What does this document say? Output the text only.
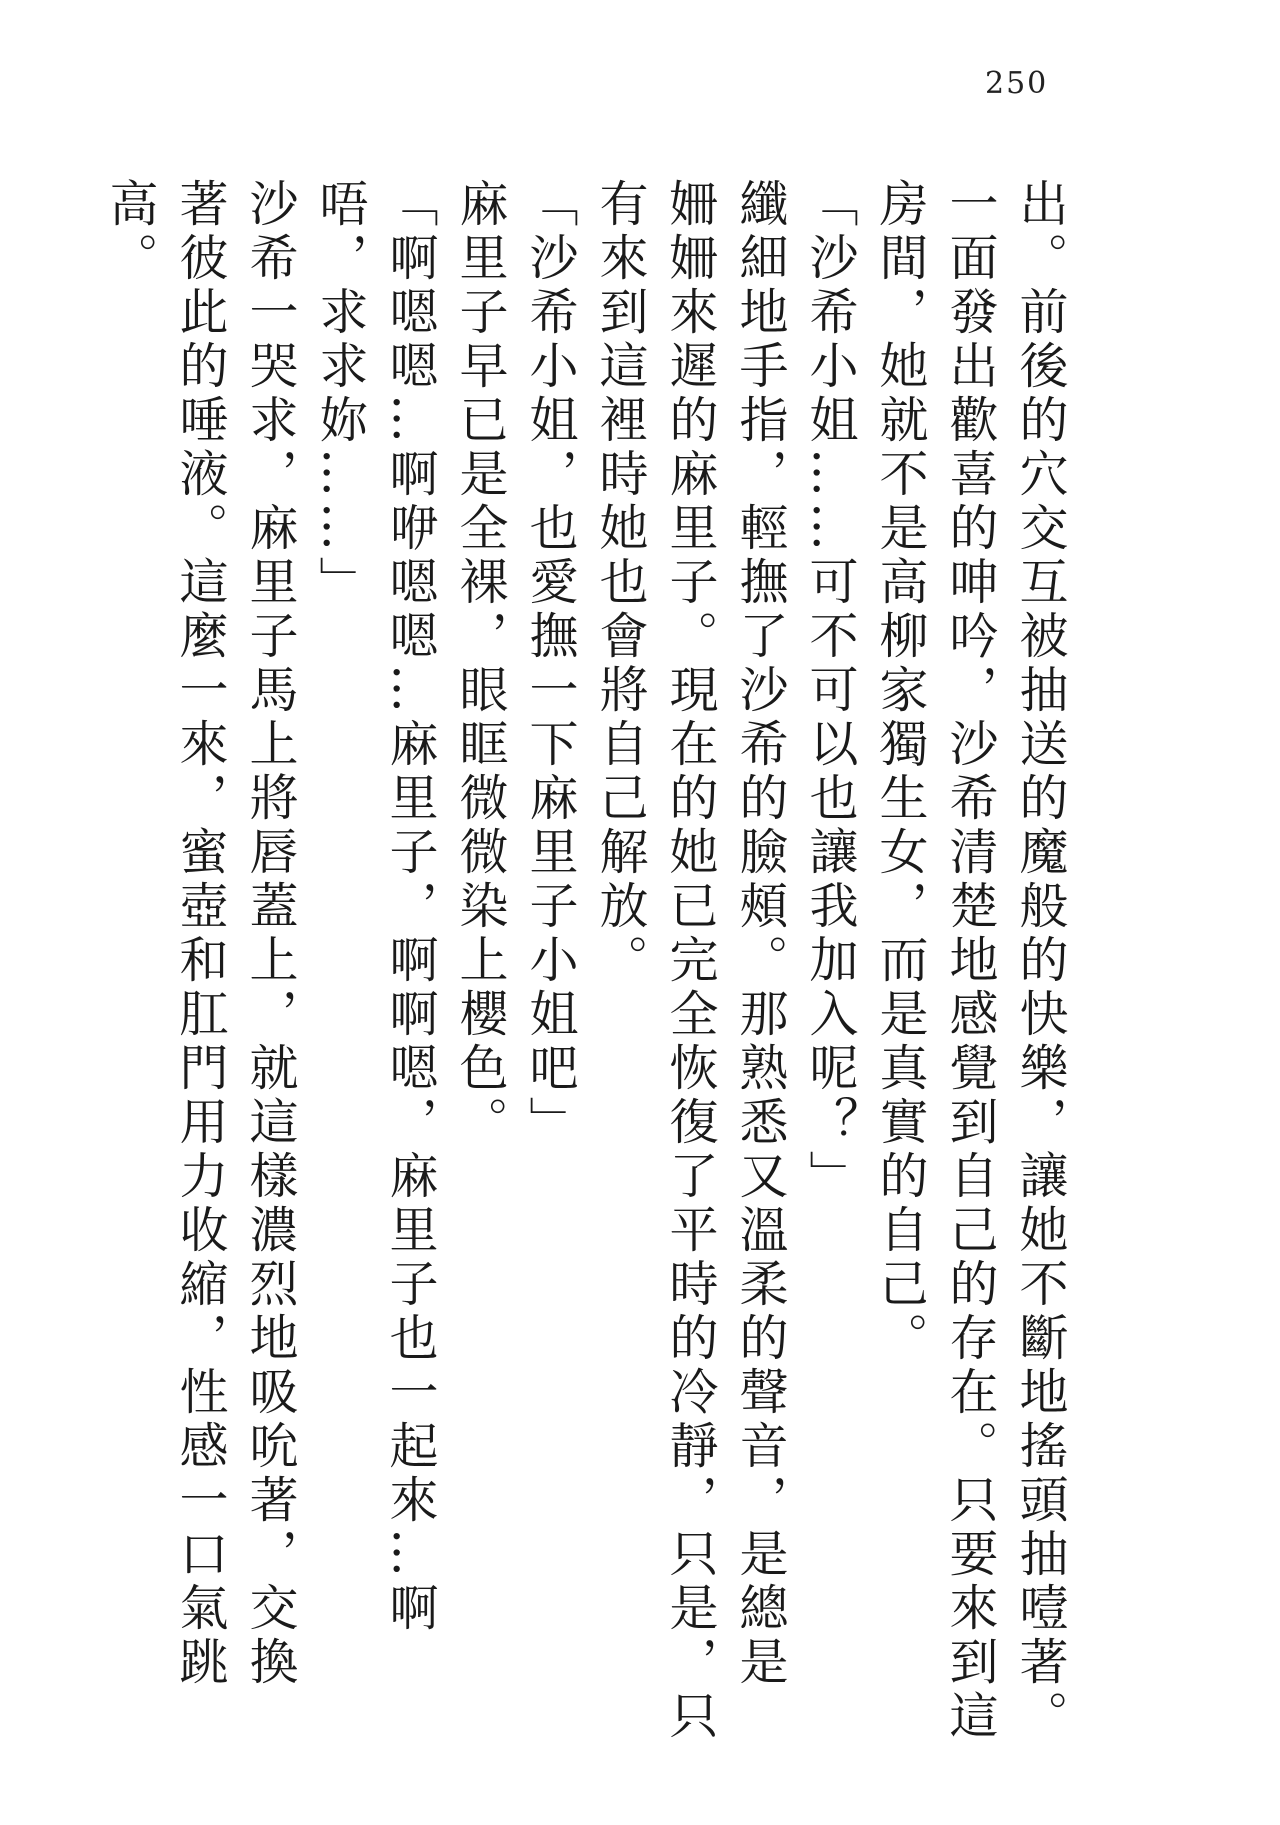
250

出。前後的穴交互被抽送的魔般的快樂，讓她不斷地搖頭抽噎著。

一面發出歡喜的呻吟，沙希清楚地感覺到自己的存在。只要來到這

房間，她就不是高柳家獨生女，而是真實的自己。

「沙希小姐……可不可以也讓我加入呢？」

纖細地手指，輕撫了沙希的臉頰。那熟悉又溫柔的聲音，是總是

姍姍來遲的麻里子。現在的她已完全恢復了平時的冷靜，只是，只

有來到這裡時她也會將自己解放。

「沙希小姐，也愛撫一下麻里子小姐吧」

麻里子早已是全裸，眼眶微微染上櫻色。

「啊嗯嗯…啊咿嗯嗯…麻里子，啊啊嗯，麻里子也一起來…啊

唔，求求妳……」

沙希一哭求，麻里子馬上將唇蓋上，就這樣濃烈地吸吮著，交換

著彼此的唾液。這麼一來，蜜壺和肛門用力收縮，性感一口氣跳

高。
